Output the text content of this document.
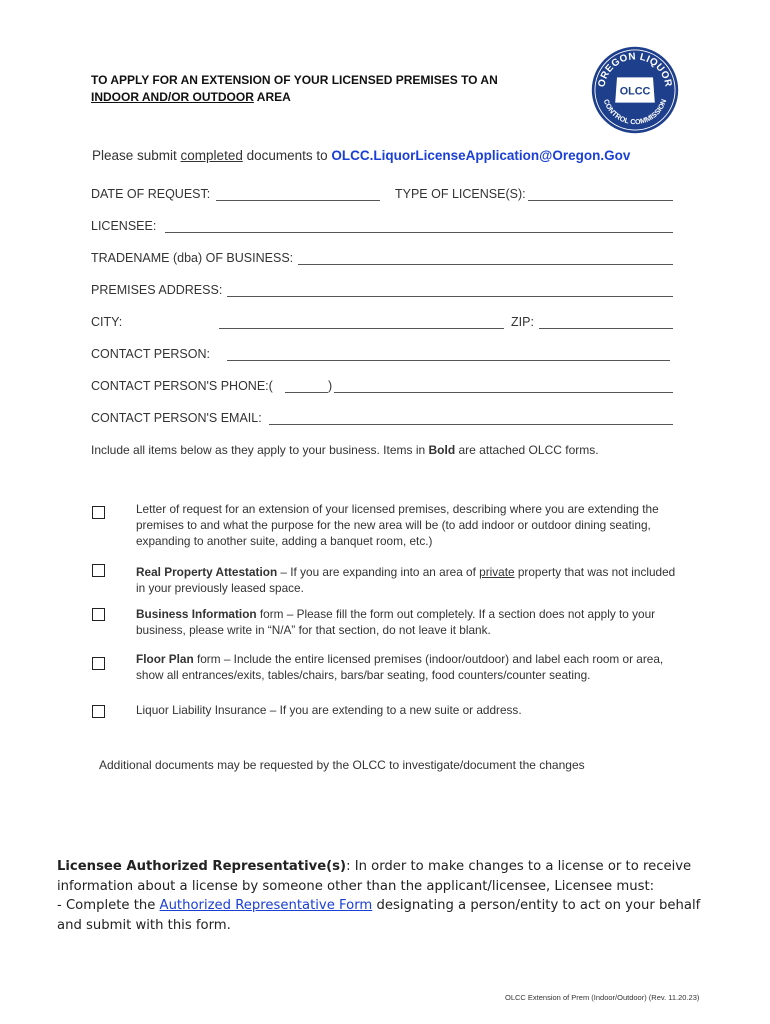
TO APPLY FOR AN EXTENSION OF YOUR LICENSED PREMISES TO AN
INDOOR AND/OR OUTDOOR AREA
OREGON LIQUOR
CONTROL COMMISSION
OLCC
Please submit completed documents to OLCC.LiquorLicenseApplication@Oregon.Gov
DATE OF REQUEST:	TYPE OF LICENSE(S):
LICENSEE:
TRADENAME (dba) OF BUSINESS:
PREMISES ADDRESS:
CITY:	ZIP:
CONTACT PERSON:
CONTACT PERSON'S PHONE:(	)
CONTACT PERSON'S EMAIL:
Include all items below as they apply to your business. Items in Bold are attached OLCC forms.
Letter of request for an extension of your licensed premises, describing where you are extending the premises to and what the purpose for the new area will be (to add indoor or outdoor dining seating, expanding to another suite, adding a banquet room, etc.)
Real Property Attestation – If you are expanding into an area of private property that was not included in your previously leased space.
Business Information form – Please fill the form out completely. If a section does not apply to your business, please write in “N/A” for that section, do not leave it blank.
Floor Plan form – Include the entire licensed premises (indoor/outdoor) and label each room or area, show all entrances/exits, tables/chairs, bars/bar seating, food counters/counter seating.
Liquor Liability Insurance – If you are extending to a new suite or address.
Additional documents may be requested by the OLCC to investigate/document the changes
Licensee Authorized Representative(s): In order to make changes to a license or to receive information about a license by someone other than the applicant/licensee, Licensee must:
- Complete the Authorized Representative Form designating a person/entity to act on your behalf and submit with this form.
OLCC Extension of Prem (Indoor/Outdoor) (Rev. 11.20.23)
